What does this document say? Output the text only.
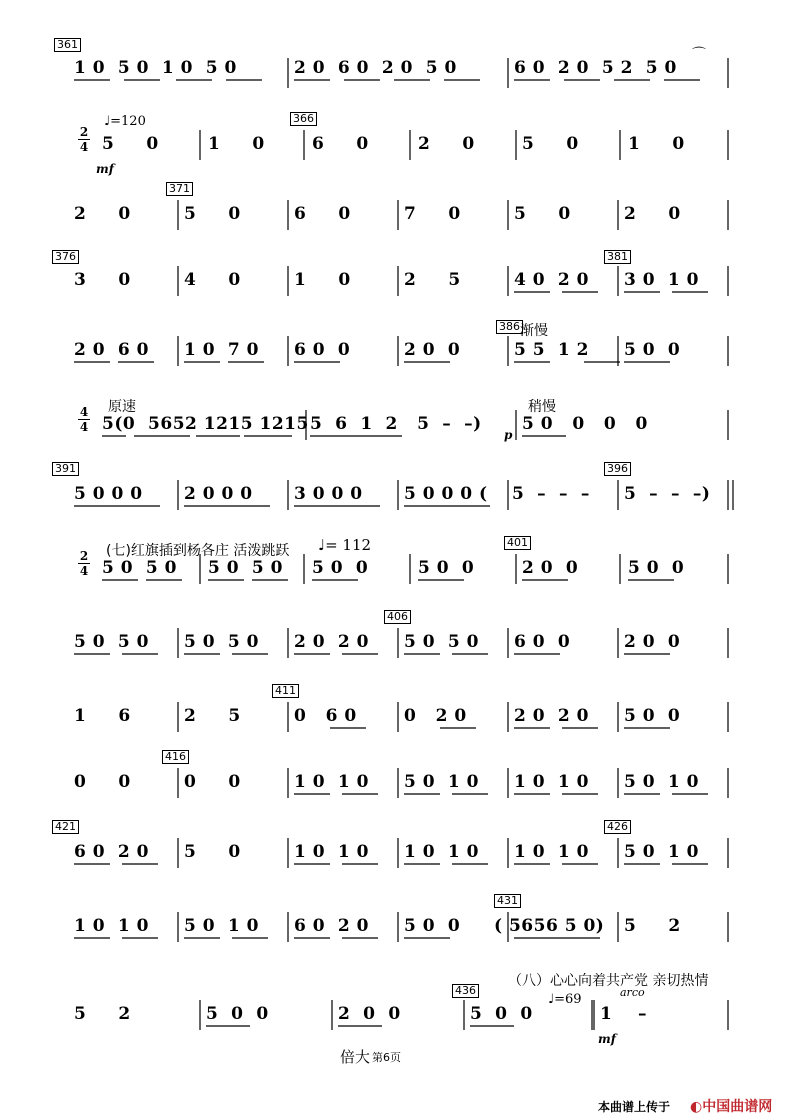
361
1 0  5 0  1 0  5 0	2 0  6 0  2 0  5 0	6 0  2 0  5 2  5 0
⌒
2
4
♩=120
mf
366
5     0	1     0	6     0	2     0	5     0	1     0
371
2     0	5     0	6     0	7     0	5     0	2     0
376	381
3     0	4     0	1     0	2     5	4 0  2 0 3 0  1 0
386 渐慢
2 0  6 0 1 0  7 0 6 0  0	2 0  0	5 5  1 2 5 0  0
4
4
原速	稍慢
p
5(0  5652 1215 1215 5  6  1  2   5  –  –) 5 0   0   0   0
391	396
5 0 0 0 2 0 0 0 3 0 0 0 5 0 0 0 ( 5  –  –  – 5  –  –  –)
2
4
(七)红旗插到杨各庄 活泼跳跃 ♩= 112	401
5 0  5 0 5 0  5 0 5 0  0	5 0  0	2 0  0	5 0  0
406
5 0  5 0 5 0  5 0 2 0  2 0 5 0  5 0 6 0  0	2 0  0
411
1     6	2     5	0   6 0	0   2 0	2 0  2 0 5 0  0
416
0     0	0     0	1 0  1 0 5 0  1 0 1 0  1 0 5 0  1 0
421	426
6 0  2 0 5     0	1 0  1 0 1 0  1 0 1 0  1 0 5 0  1 0
431
1 0  1 0 5 0  1 0 6 0  2 0 5 0  0 ( 5656 5 0) 5     2
（八）心心向着共产党 亲切热情
436
♩=69	arco
mf
5     2	5  0  0	2  0  0	5  0  0	1    –
倍大 第6页
本曲谱上传于 ◐中国曲谱网
